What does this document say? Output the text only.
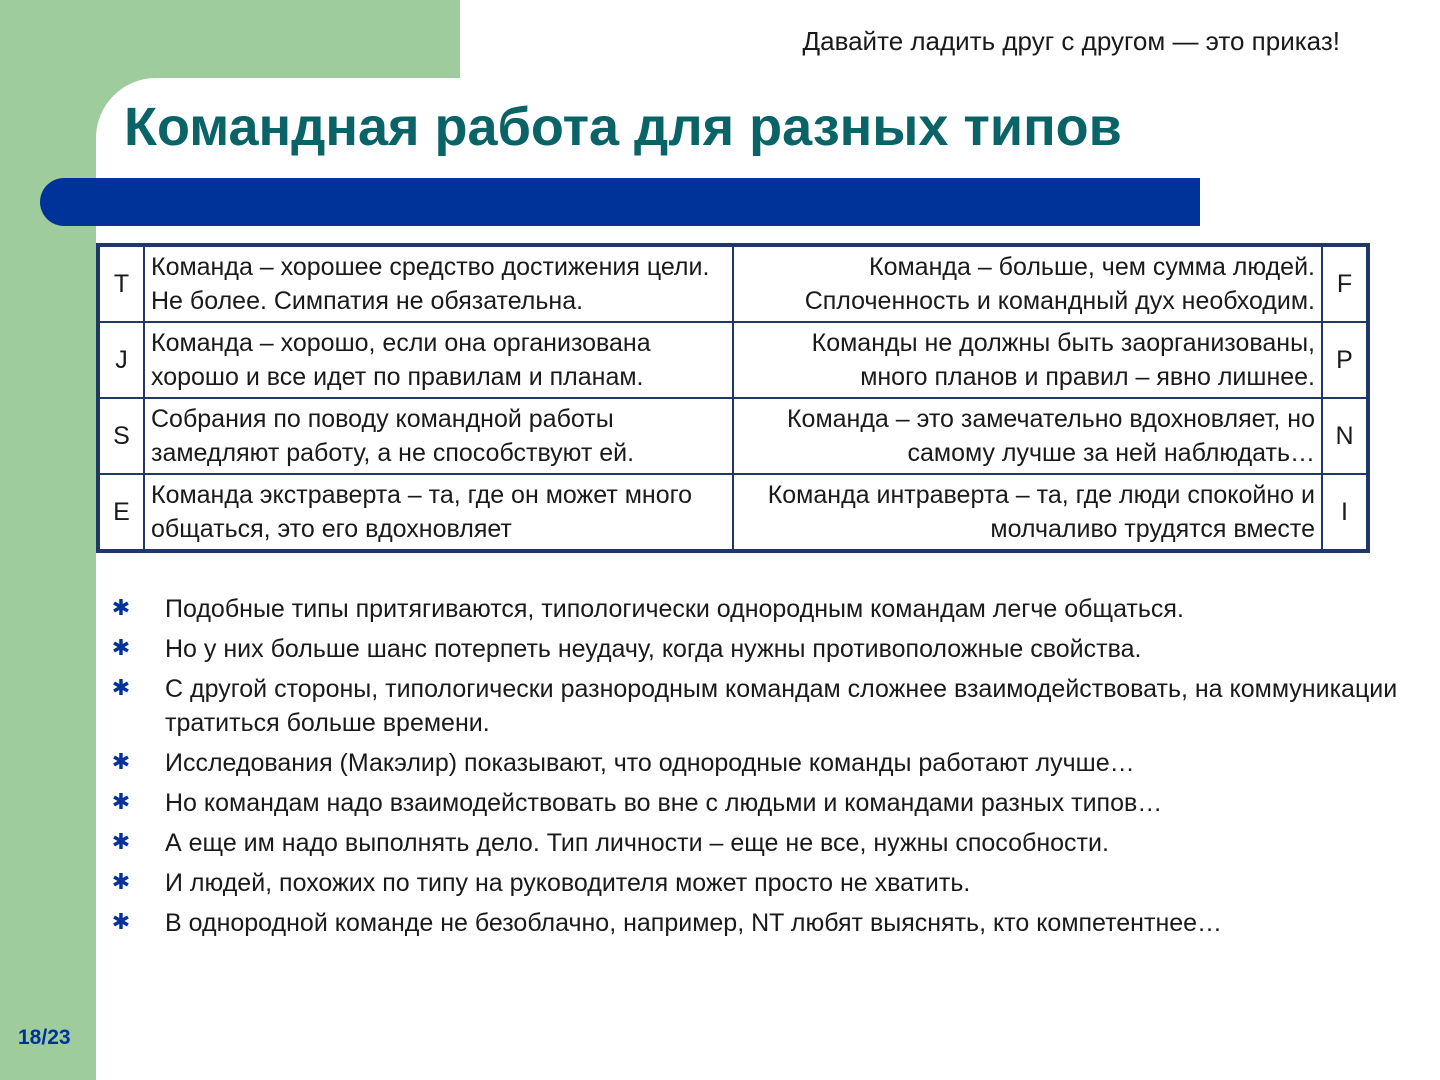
Давайте ладить друг с другом — это приказ!
Командная работа для разных типов
T	Команда – хорошее средство достижения цели. Не более. Симпатия не обязательна.	Команда – больше, чем сумма людей. Сплоченность и командный дух необходим.	F
J	Команда – хорошо, если она организована хорошо и все идет по правилам и планам.	Команды не должны быть заорганизованы, много планов и правил – явно лишнее.	P
S	Собрания по поводу командной работы замедляют работу, а не способствуют ей.	Команда – это замечательно вдохновляет, но самому лучше за ней наблюдать…	N
E	Команда экстраверта – та, где он может много общаться, это его вдохновляет	Команда интраверта – та, где люди спокойно и молчаливо трудятся вместе	I
✱ Подобные типы притягиваются, типологически однородным командам легче общаться.
✱ Но у них больше шанс потерпеть неудачу, когда нужны противоположные свойства.
✱ С другой стороны, типологически разнородным командам сложнее взаимодействовать, на коммуникации тратиться больше времени.
✱ Исследования (Макэлир) показывают, что однородные команды работают лучше…
✱ Но командам надо взаимодействовать во вне с людьми и командами разных типов…
✱ А еще им надо выполнять дело. Тип личности – еще не все, нужны способности.
✱ И людей, похожих по типу на руководителя может просто не хватить.
✱ В однородной команде не безоблачно, например, NT любят выяснять, кто компетентнее…
18/23
